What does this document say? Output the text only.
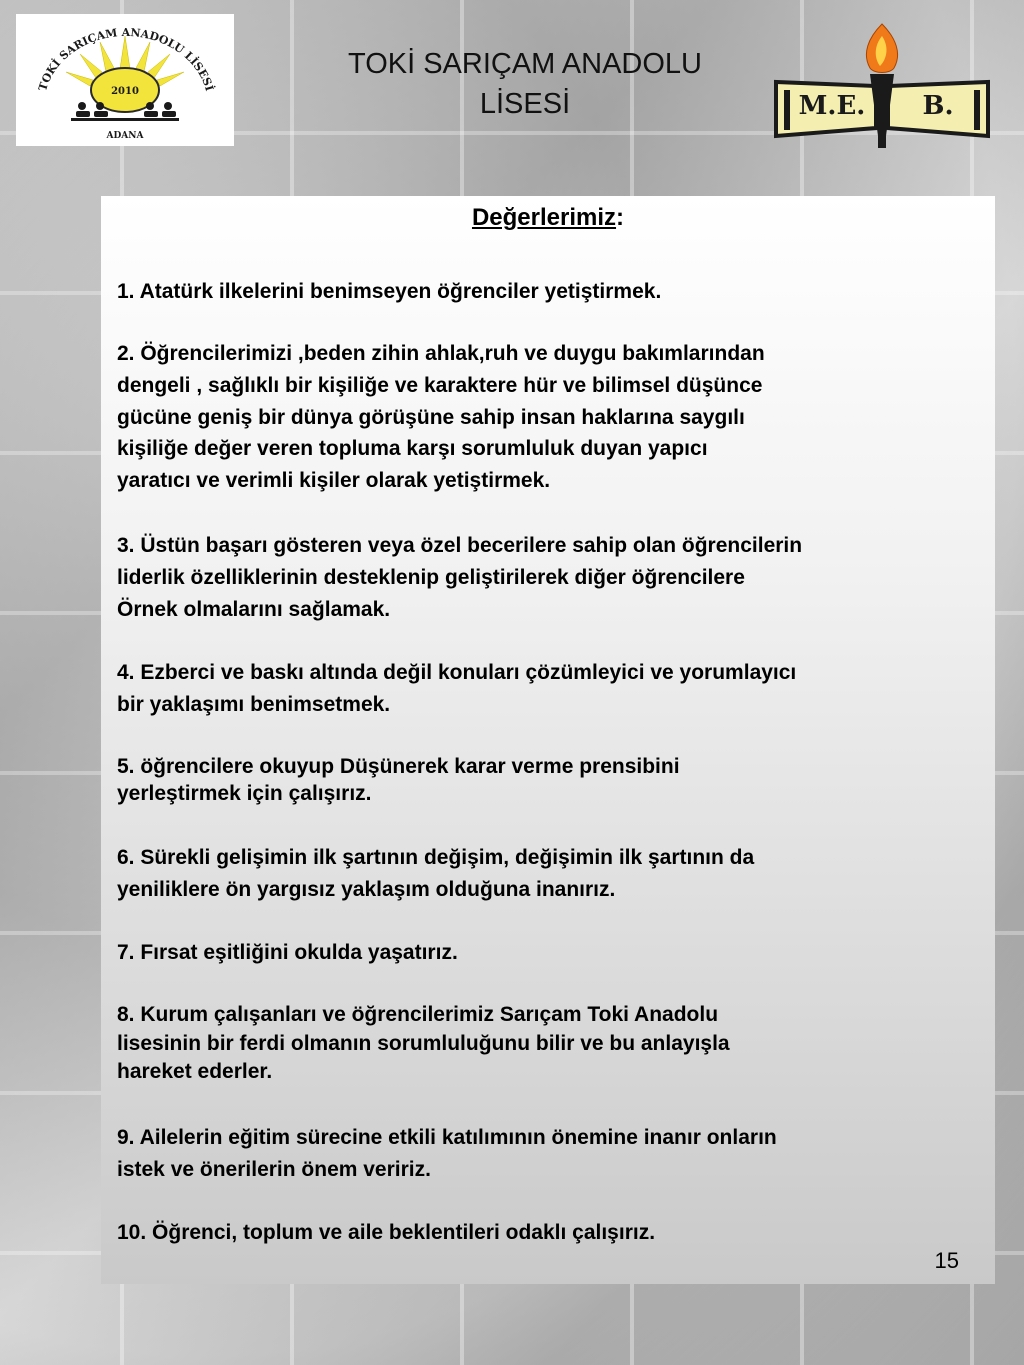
TOKİ SARIÇAM ANADOLU LİSESİ
2010
ADANA
TOKİ SARIÇAM ANADOLU
LİSESİ	M.E. B.
Değerlerimiz:
1. Atatürk ilkelerini benimseyen öğrenciler yetiştirmek.
2. Öğrencilerimizi ,beden zihin ahlak,ruh ve duygu bakımlarından
dengeli , sağlıklı bir kişiliğe ve karaktere hür ve bilimsel düşünce
gücüne geniş bir dünya görüşüne sahip insan haklarına saygılı
kişiliğe değer veren topluma karşı sorumluluk duyan yapıcı
yaratıcı ve verimli kişiler olarak yetiştirmek.
3. Üstün başarı gösteren veya özel becerilere sahip olan öğrencilerin
liderlik özelliklerinin desteklenip geliştirilerek diğer öğrencilere
Örnek olmalarını sağlamak.
4. Ezberci ve baskı altında değil konuları çözümleyici ve yorumlayıcı
bir yaklaşımı benimsetmek.
5. öğrencilere okuyup Düşünerek karar verme prensibini
yerleştirmek için çalışırız.
6. Sürekli gelişimin ilk şartının değişim, değişimin ilk şartının da
yeniliklere ön yargısız yaklaşım olduğuna inanırız.
7. Fırsat eşitliğini okulda yaşatırız.
8. Kurum çalışanları ve öğrencilerimiz Sarıçam Toki Anadolu
lisesinin bir ferdi olmanın sorumluluğunu bilir ve bu anlayışla
hareket ederler.
9. Ailelerin eğitim sürecine etkili katılımının önemine inanır onların
istek ve önerilerin önem veririz.
10. Öğrenci, toplum ve aile beklentileri odaklı çalışırız.
15
